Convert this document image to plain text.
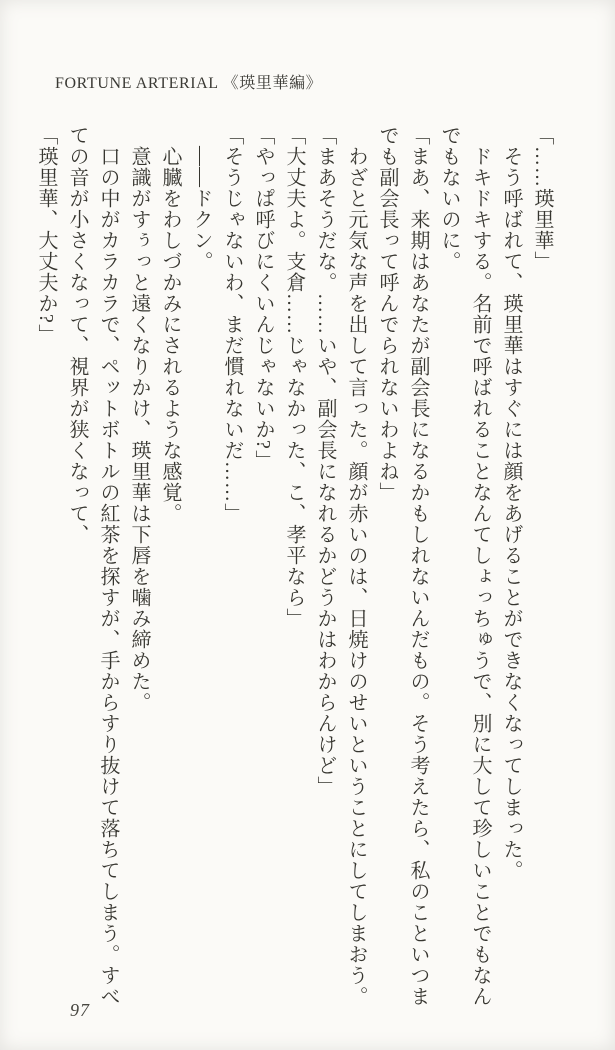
FORTUNE ARTERIAL 《瑛里華編》

「……瑛里華」

そう呼ばれて、瑛里華はすぐには顔をあげることができなくなってしまった。

ドキドキする。名前で呼ばれることなんてしょっちゅうで、別に大して珍しいことでもなんでもないのに。

「まあ、来期はあなたが副会長になるかもしれないんだもの。そう考えたら、私のこといつまでも副会長って呼んでられないわよね」

わざと元気な声を出して言った。顔が赤いのは、日焼けのせいということにしてしまおう。

「まあそうだな。……いや、副会長になれるかどうかはわからんけど」

「大丈夫よ。支倉……じゃなかった、こ、孝平なら」

「やっぱ呼びにくいんじゃないか?」

「そうじゃないわ、まだ慣れないだ……」

――ドクン。

心臓をわしづかみにされるような感覚。

意識がすぅっと遠くなりかけ、瑛里華は下唇を噛み締めた。

口の中がカラカラで、ペットボトルの紅茶を探すが、手からすり抜けて落ちてしまう。すべての音が小さくなって、視界が狭くなって、

「瑛里華、大丈夫か?」

97
